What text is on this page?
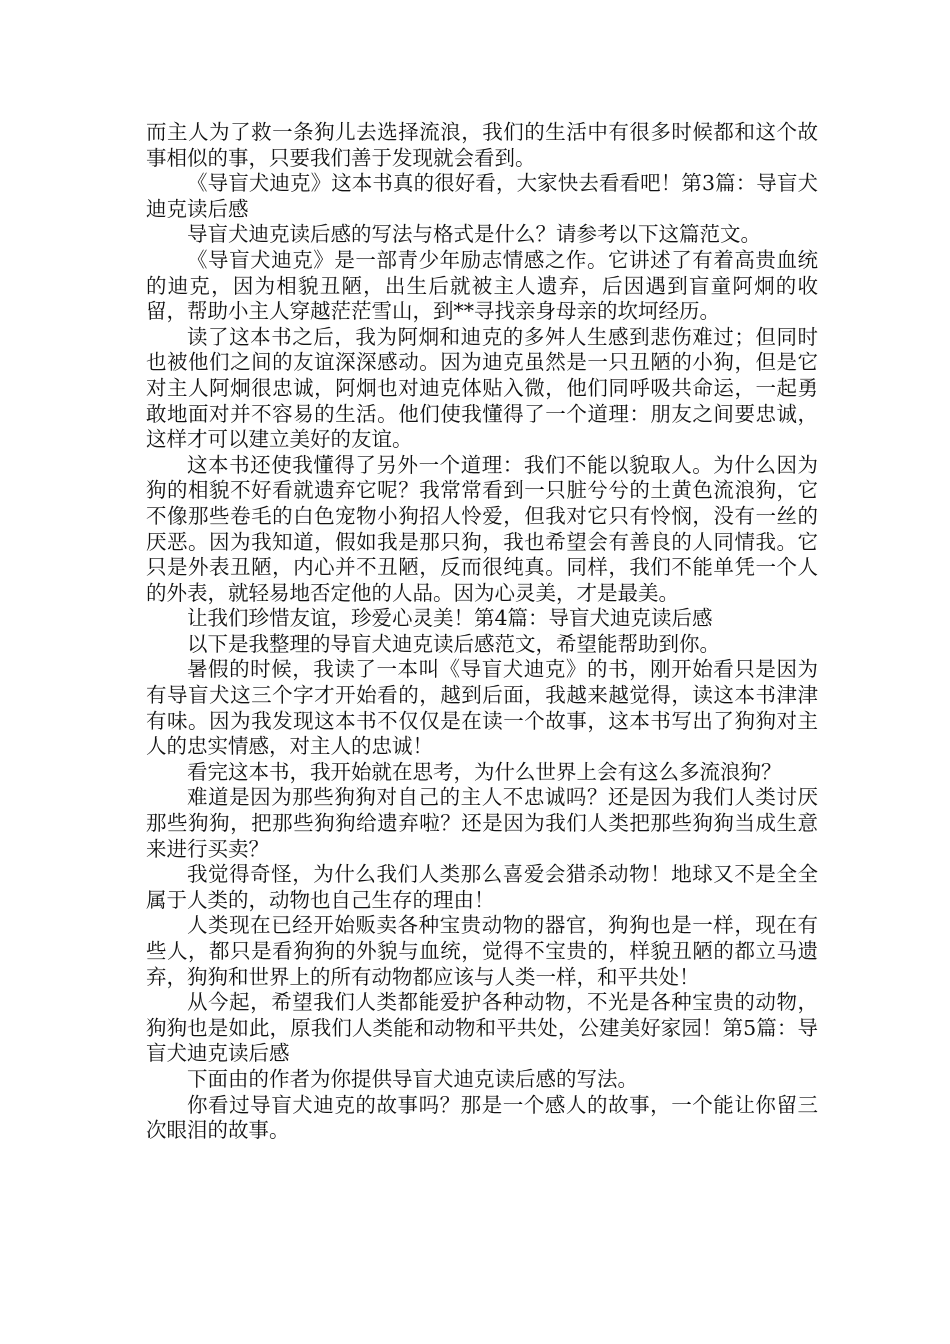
而主人为了救一条狗儿去选择流浪，我们的生活中有很多时候都和这个故事相似的事，只要我们善于发现就会看到。

《导盲犬迪克》这本书真的很好看，大家快去看看吧！第3篇：导盲犬迪克读后感

导盲犬迪克读后感的写法与格式是什么？请参考以下这篇范文。

《导盲犬迪克》是一部青少年励志情感之作。它讲述了有着高贵血统的迪克，因为相貌丑陋，出生后就被主人遗弃，后因遇到盲童阿炯的收留，帮助小主人穿越茫茫雪山，到**寻找亲身母亲的坎坷经历。

读了这本书之后，我为阿炯和迪克的多舛人生感到悲伤难过；但同时也被他们之间的友谊深深感动。因为迪克虽然是一只丑陋的小狗，但是它对主人阿炯很忠诚，阿炯也对迪克体贴入微，他们同呼吸共命运，一起勇敢地面对并不容易的生活。他们使我懂得了一个道理：朋友之间要忠诚，这样才可以建立美好的友谊。

这本书还使我懂得了另外一个道理：我们不能以貌取人。为什么因为狗的相貌不好看就遗弃它呢？我常常看到一只脏兮兮的土黄色流浪狗，它不像那些卷毛的白色宠物小狗招人怜爱，但我对它只有怜悯，没有一丝的厌恶。因为我知道，假如我是那只狗，我也希望会有善良的人同情我。它只是外表丑陋，内心并不丑陋，反而很纯真。同样，我们不能单凭一个人的外表，就轻易地否定他的人品。因为心灵美，才是最美。

让我们珍惜友谊，珍爱心灵美！第4篇：导盲犬迪克读后感

以下是我整理的导盲犬迪克读后感范文，希望能帮助到你。

暑假的时候，我读了一本叫《导盲犬迪克》的书，刚开始看只是因为有导盲犬这三个字才开始看的，越到后面，我越来越觉得，读这本书津津有味。因为我发现这本书不仅仅是在读一个故事，这本书写出了狗狗对主人的忠实情感，对主人的忠诚！

看完这本书，我开始就在思考，为什么世界上会有这么多流浪狗？

难道是因为那些狗狗对自己的主人不忠诚吗？还是因为我们人类讨厌那些狗狗，把那些狗狗给遗弃啦？还是因为我们人类把那些狗狗当成生意来进行买卖？

我觉得奇怪，为什么我们人类那么喜爱会猎杀动物！地球又不是全全属于人类的，动物也自己生存的理由！

人类现在已经开始贩卖各种宝贵动物的器官，狗狗也是一样，现在有些人，都只是看狗狗的外貌与血统，觉得不宝贵的，样貌丑陋的都立马遗弃，狗狗和世界上的所有动物都应该与人类一样，和平共处！

从今起，希望我们人类都能爱护各种动物，不光是各种宝贵的动物，狗狗也是如此，原我们人类能和动物和平共处，公建美好家园！第5篇：导盲犬迪克读后感

下面由的作者为你提供导盲犬迪克读后感的写法。

你看过导盲犬迪克的故事吗？那是一个感人的故事，一个能让你留三次眼泪的故事。
